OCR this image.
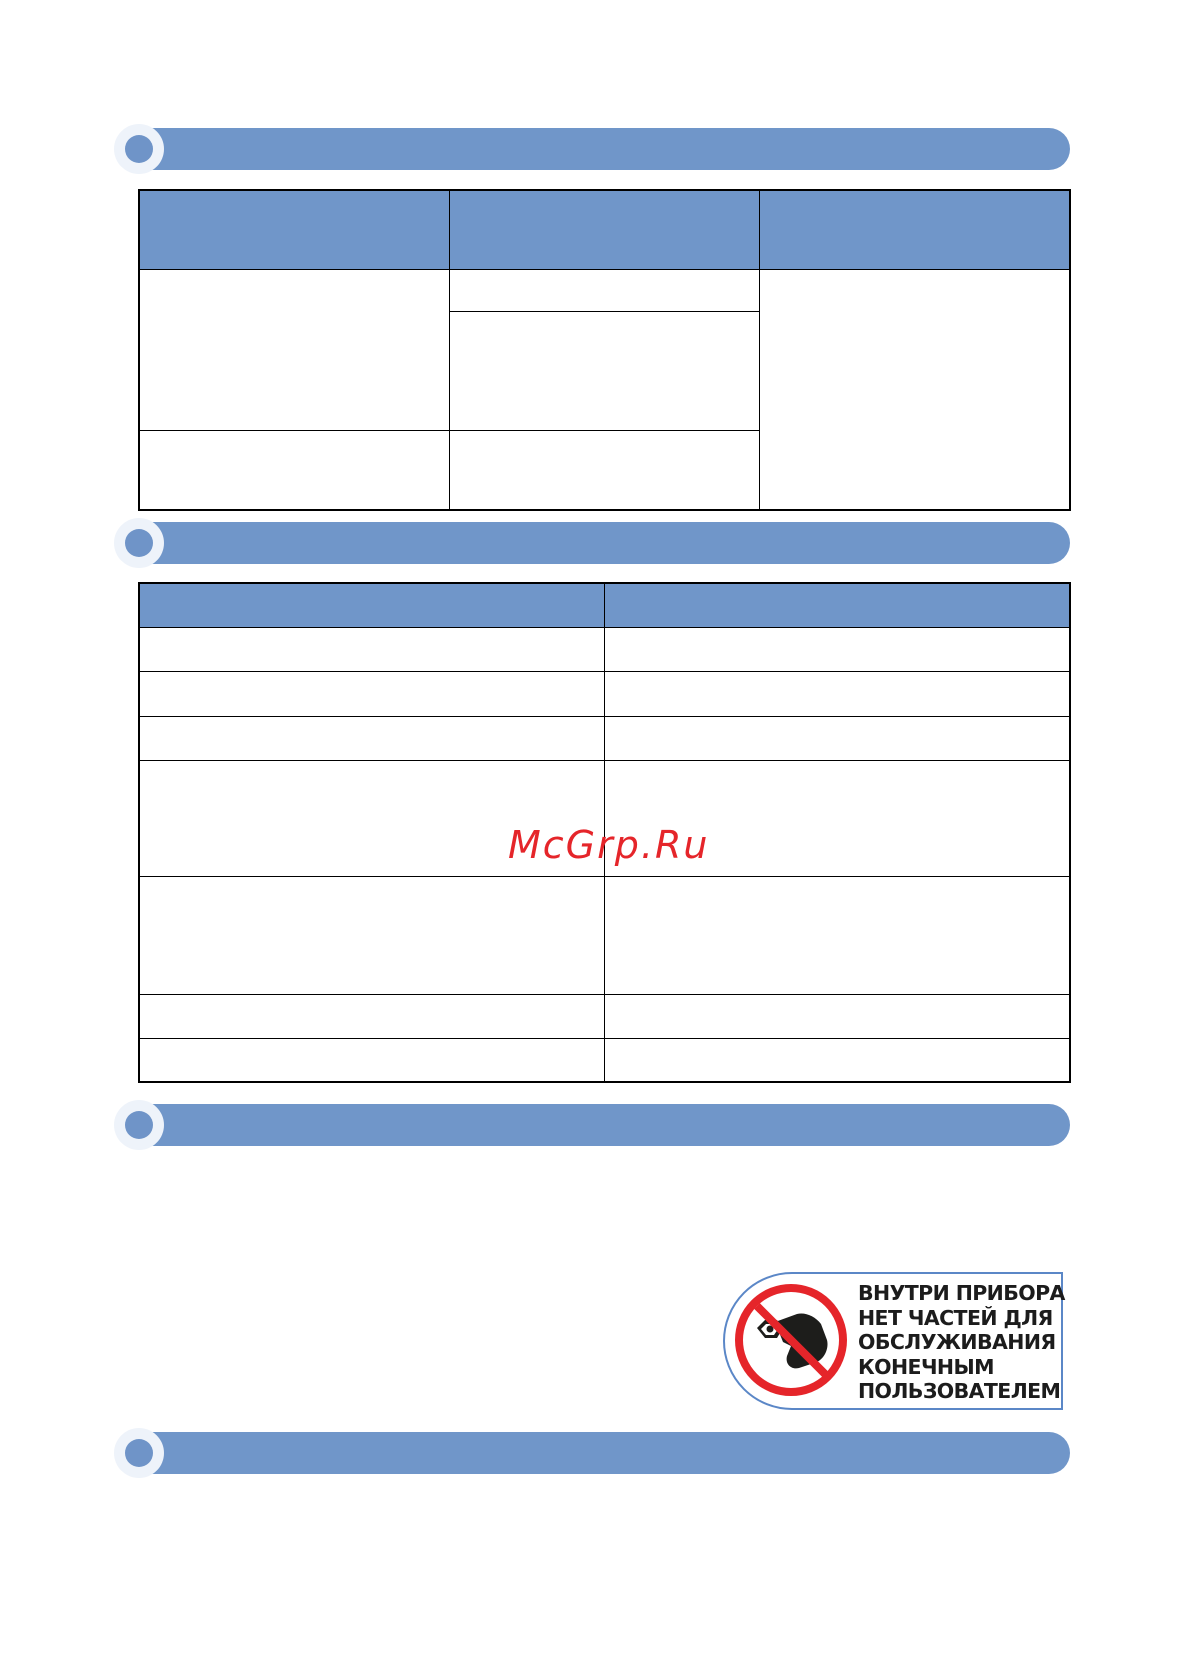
McGrp.Ru
ВНУТРИ ПРИБОРА
НЕТ ЧАСТЕЙ ДЛЯ
ОБСЛУЖИВАНИЯ
КОНЕЧНЫМ
ПОЛЬЗОВАТЕЛЕМ
